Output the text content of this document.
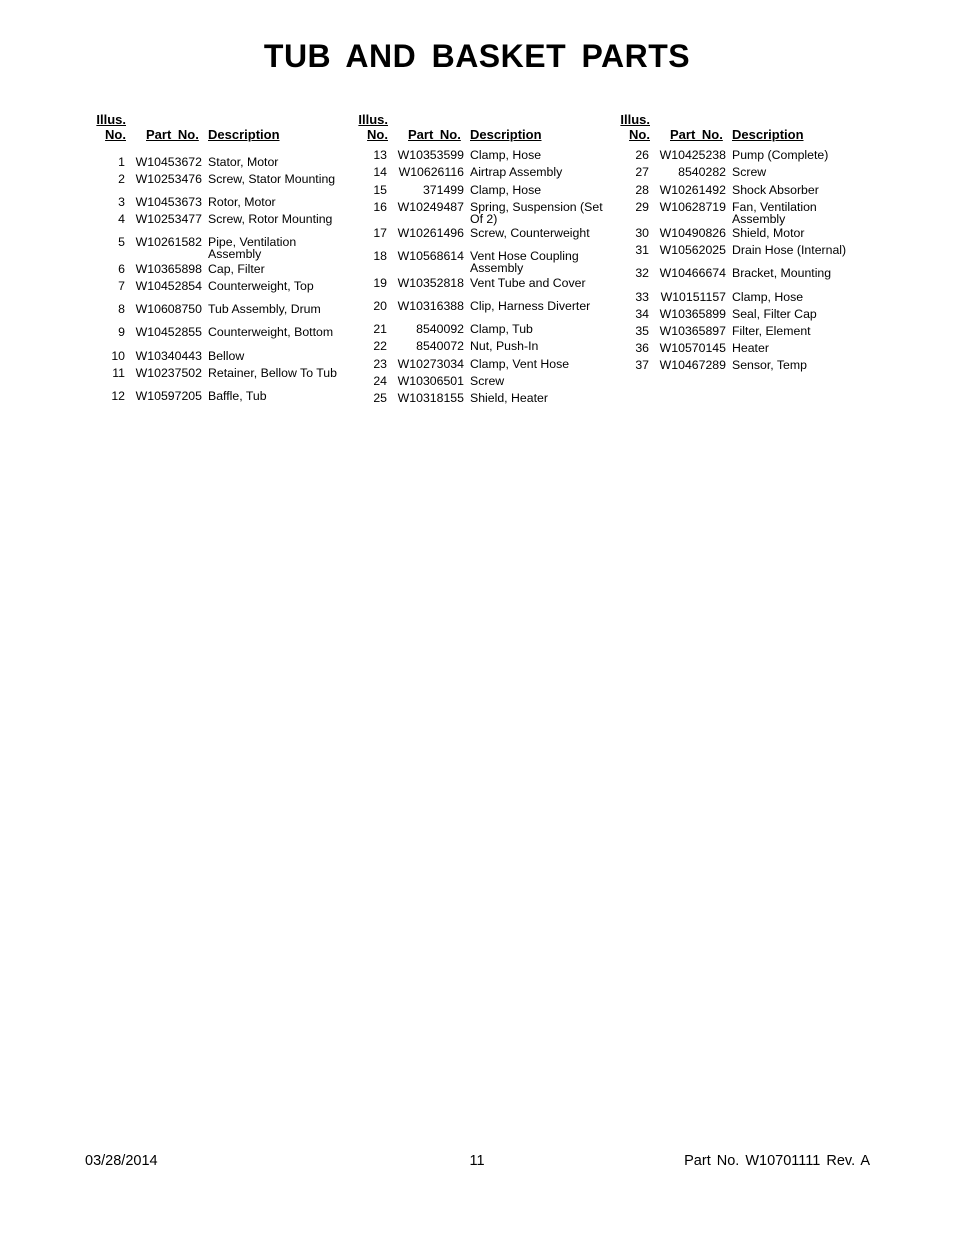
TUB AND BASKET PARTS
Illus.
No. Part No. Description
1 W10453672 Stator, Motor
2 W10253476 Screw, Stator Mounting
3 W10453673 Rotor, Motor
4 W10253477 Screw, Rotor Mounting
5 W10261582 Pipe, Ventilation
Assembly
6 W10365898 Cap, Filter
7 W10452854 Counterweight, Top
8 W10608750 Tub Assembly, Drum
9 W10452855 Counterweight, Bottom
10 W10340443 Bellow
11 W10237502 Retainer, Bellow To Tub
12 W10597205 Baffle, Tub
Illus.
No. Part No. Description
13 W10353599 Clamp, Hose
14 W10626116 Airtrap Assembly
15	371499 Clamp, Hose
16 W10249487 Spring, Suspension (Set
Of 2)
17 W10261496 Screw, Counterweight
18 W10568614 Vent Hose Coupling
Assembly
19 W10352818 Vent Tube and Cover
20 W10316388 Clip, Harness Diverter
21	8540092 Clamp, Tub
22	8540072 Nut, Push-In
23 W10273034 Clamp, Vent Hose
24 W10306501 Screw
25 W10318155 Shield, Heater
Illus.
No. Part No. Description
26 W10425238 Pump (Complete)
27	8540282 Screw
28 W10261492 Shock Absorber
29 W10628719 Fan, Ventilation
Assembly
30 W10490826 Shield, Motor
31 W10562025 Drain Hose (Internal)
32 W10466674 Bracket, Mounting
33 W10151157 Clamp, Hose
34 W10365899 Seal, Filter Cap
35 W10365897 Filter, Element
36 W10570145 Heater
37 W10467289 Sensor, Temp
03/28/2014	11	Part No. W10701111 Rev. A
